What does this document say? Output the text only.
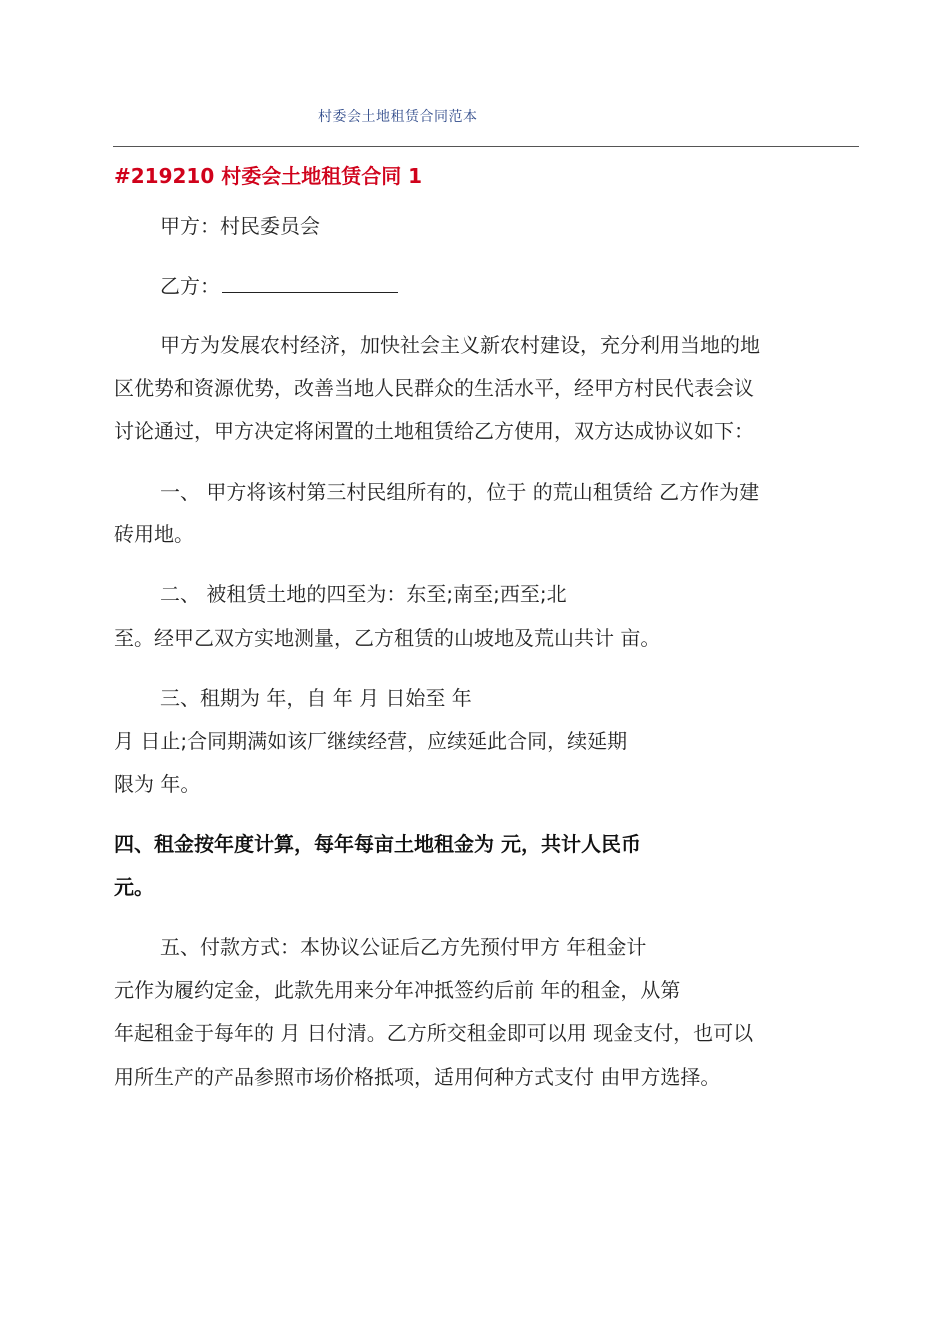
村委会土地租赁合同范本
#219210 村委会土地租赁合同 1
甲方：村民委员会
乙方：
甲方为发展农村经济，加快社会主义新农村建设，充分利用当地的地
区优势和资源优势，改善当地人民群众的生活水平，经甲方村民代表会议
讨论通过，甲方决定将闲置的土地租赁给乙方使用，双方达成协议如下：
一、 甲方将该村第三村民组所有的，位于 的荒山租赁给 乙方作为建
砖用地。
二、 被租赁土地的四至为：东至;南至;西至;北
至。经甲乙双方实地测量，乙方租赁的山坡地及荒山共计 亩。
三、租期为 年，自 年 月 日始至 年
月 日止;合同期满如该厂继续经营，应续延此合同，续延期
限为 年。
四、租金按年度计算，每年每亩土地租金为 元，共计人民币
元。
五、付款方式：本协议公证后乙方先预付甲方 年租金计
元作为履约定金，此款先用来分年冲抵签约后前 年的租金，从第
年起租金于每年的 月 日付清。乙方所交租金即可以用 现金支付，也可以
用所生产的产品参照市场价格抵项，适用何种方式支付 由甲方选择。
